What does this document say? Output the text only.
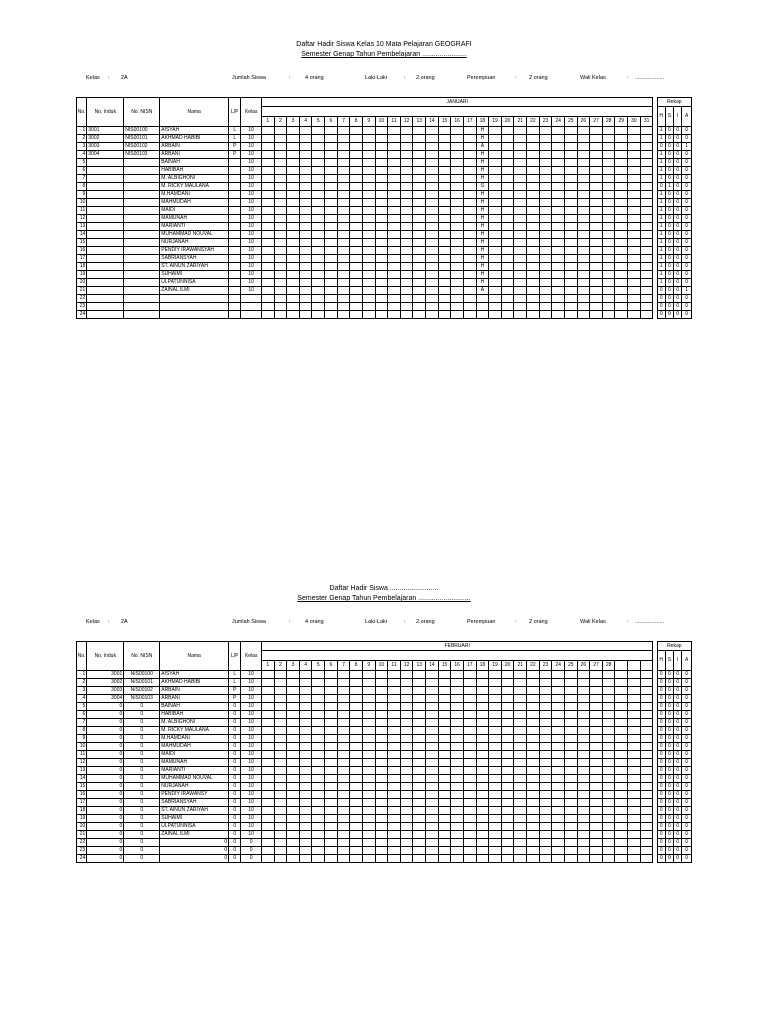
Daftar Hadir Siswa Kelas 10 Mata Pelajaran GEOGRAFI
Semester Genap Tahun Pembelajaran .......................
Kelas : 2A	Jumlah Siswa	:	4 orang	Laki-Laki	: 2 orang	Perempuan	: 2 orang	Wali Kelas	: ...................
No.	No. Induk	No. NISN	Nama	L/P	Kelas	JANUARI																																Rekap			
																																						H	S	I	A
						1	2	3	4	5	6	7	8	9	10	11	12	13	14	15	16	17	18	19	20	21	22	23	24	25	26	27	28	29	30	31					
1	3001	NIS00100	AISYAH	L	10																		H															1	0	0	0
2	3002	NIS00101	AKHMAD HABIBI	L	10																		H															1	0	0	0
3	3003	NIS00102	ARBAIN	P	10																		A															0	0	0	1
4	3004	NIS00103	ARBANI	P	10																		H															1	0	0	0
5			BAINAH		10																		H															1	0	0	0
6			HABIBAH		10																		H															1	0	0	0
7			M. ALBIGHONI		10																		H															1	0	0	0
8			M. RICKY MAULANA		10																		S															0	1	0	0
9			M.HAMDANI		10																		H															1	0	0	0
10			MAHMUDAH		10																		H															1	0	0	0
11			MAIDI		10																		H															1	0	0	0
12			MAMUNAH		10																		H															1	0	0	0
13			MARIANTI		10																		H															1	0	0	0
14			MUHAMMAD NOUVAL		10																		H															1	0	0	0
15			NURJANAH		10																		H															1	0	0	0
16			PENDIY IRAWANSYAH		10																		H															1	0	0	0
17			SABRIANSYAH		10																		H															1	0	0	0
18			ST. AINUN ZARIYAH		10																		H															1	0	0	0
19			SUHAIMI		10																		H															1	0	0	0
20			ULPATUNNISA		10																		H															1	0	0	0
21			ZAINAL ILMI		10																		A															0	0	0	1
22																																						0	0	0	0
23																																						0	0	0	0
24																																						0	0	0	0
Daftar Hadir Siswa .........................
Semester Genap Tahun Pembelajaran ...........................
Kelas : 2A	Jumlah Siswa	:	4 orang	Laki-Laki	: 2 orang	Perempuan	: 2 orang	Wali Kelas	: ...................
No.	No. Induk	No. NISN	Nama	L/P	Kelas	FEBRUARI																																Rekap			
																																						H	S	I	A
						1	2	3	4	5	6	7	8	9	10	11	12	13	14	15	16	17	18	19	20	21	22	23	24	25	26	27	28								
1	3001	NIS00100	AISYAH	L	10																																	0	0	0	0
2	3002	NIS00101	AKHMAD HABIBI	L	10																																	0	0	0	0
3	3003	NIS00102	ARBAIN	P	10																																	0	0	0	0
4	3004	NIS00103	ARBANI	P	10																																	0	0	0	0
5	0	0	BAINAH	0	10																																	0	0	0	0
6	0	0	HABIBAH	0	10																																	0	0	0	0
7	0	0	M. ALBIGHONI	0	10																																	0	0	0	0
8	0	0	M. RICKY MAULANA	0	10																																	0	0	0	0
9	0	0	M.HAMDANI	0	10																																	0	0	0	0
10	0	0	MAHMUDAH	0	10																																	0	0	0	0
11	0	0	MAIDI	0	10																																	0	0	0	0
12	0	0	MAMUNAH	0	10																																	0	0	0	0
13	0	0	MARIANTI	0	10																																	0	0	0	0
14	0	0	MUHAMMAD NOUVAL	0	10																																	0	0	0	0
15	0	0	NURJANAH	0	10																																	0	0	0	0
16	0	0	PENDIY IRAWANSY	0	10																																	0	0	0	0
17	0	0	SABRIANSYAH	0	10																																	0	0	0	0
18	0	0	ST. AINUN ZARIYAH	0	10																																	0	0	0	0
19	0	0	SUHAIMI	0	10																																	0	0	0	0
20	0	0	ULPATUNNISA	0	10																																	0	0	0	0
21	0	0	ZAINAL ILMI	0	10																																	0	0	0	0
22	0	0	0	0	0																																	0	0	0	0
23	0	0	0	0	0																																	0	0	0	0
24	0	0	0	0	0																																	0	0	0	0
